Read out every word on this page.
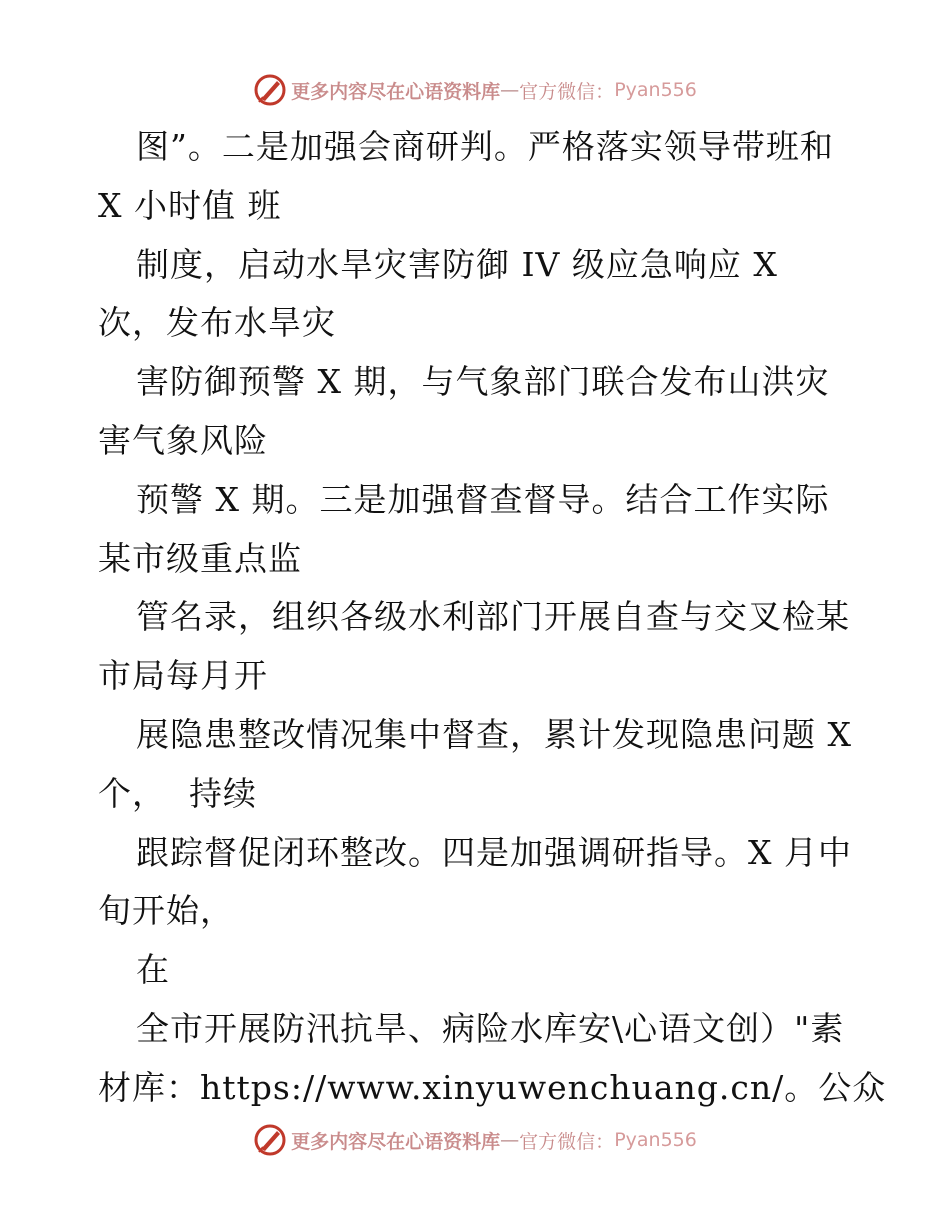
更多内容尽在心语资料库 — 官方微信： Pyan556
图”。二是加强会商研判。严格落实领导带班和
X 小时值 班
制度，启动水旱灾害防御 IV 级应急响应 X
次，发布水旱灾
害防御预警 X 期，与气象部门联合发布山洪灾
害气象风险
预警 X 期。三是加强督查督导。结合工作实际
某市级重点监
管名录，组织各级水利部门开展自查与交叉检某
市局每月开
展隐患整改情况集中督查，累计发现隐患问题 X
个，  持续
跟踪督促闭环整改。四是加强调研指导。X 月中
旬开始，
在
全市开展防汛抗旱、病险水库安\心语文创）"素
材库：https://www.xinyuwenchuang.cn/。公众
更多内容尽在心语资料库 — 官方微信： Pyan556
